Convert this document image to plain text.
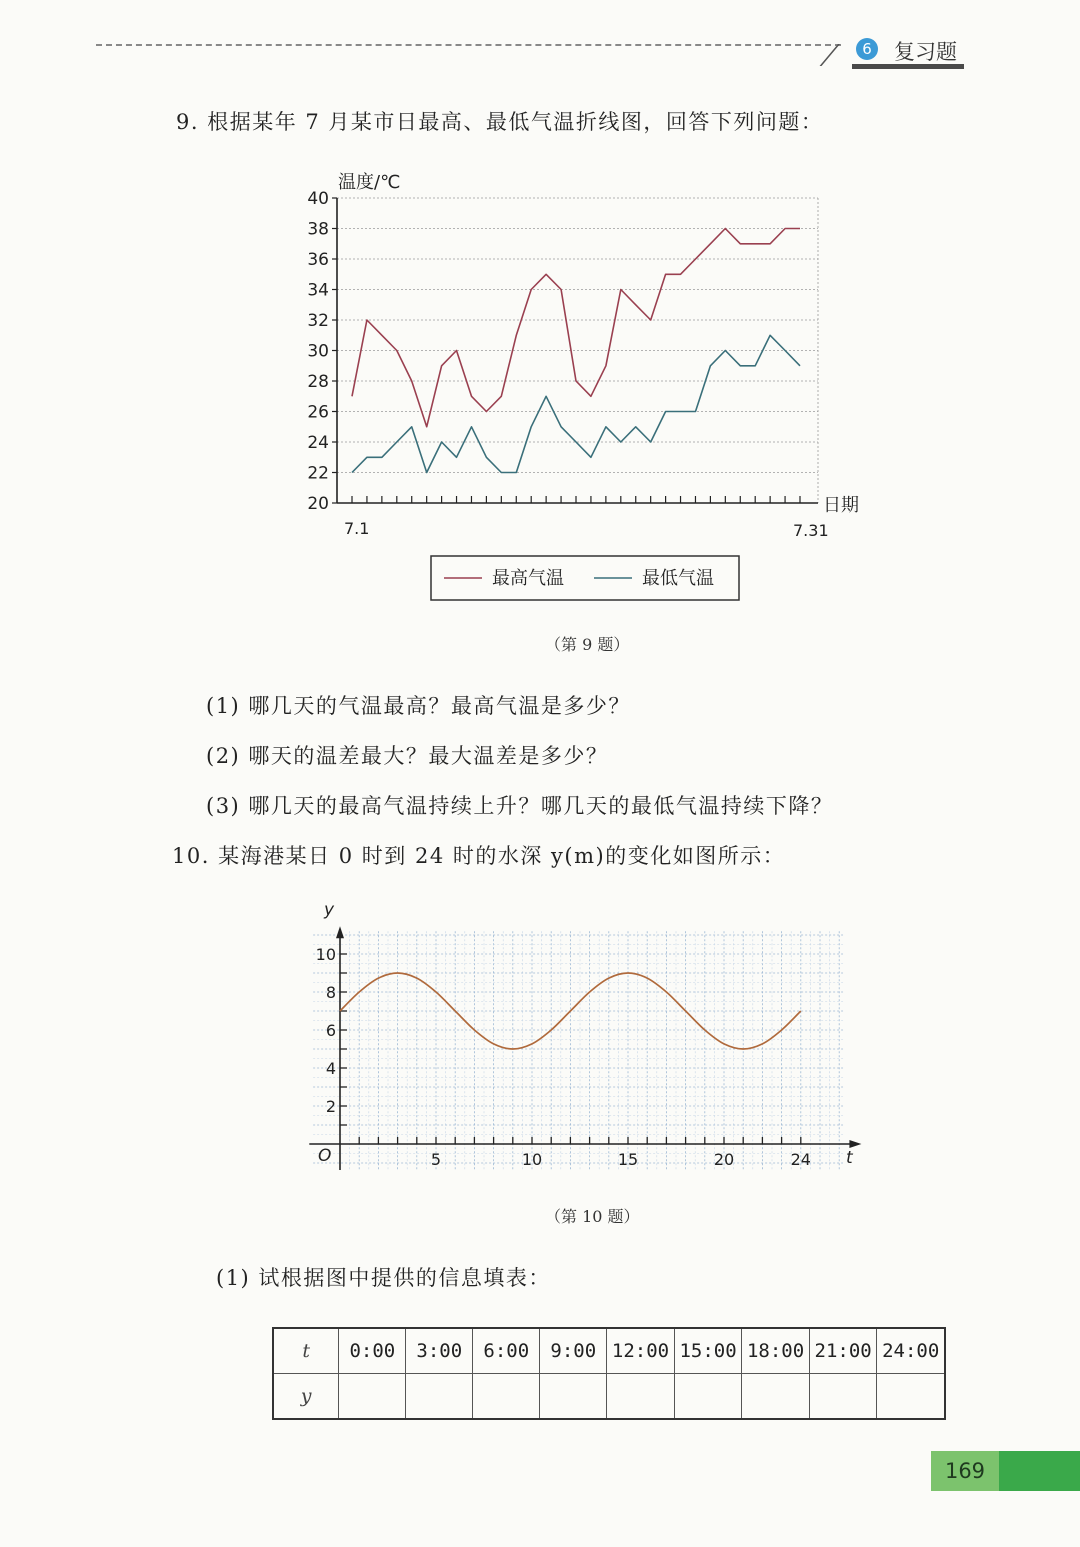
6 复习题
9. 根据某年 7 月某市日最高、最低气温折线图，回答下列问题：
20
22
24
26
28
30
32
34
36
38
40
温度/℃
日期
7.1	7.31
最高气温	最低气温
（第 9 题）
(1) 哪几天的气温最高？最高气温是多少？
(2) 哪天的温差最大？最大温差是多少？
(3) 哪几天的最高气温持续上升？哪几天的最低气温持续下降？
10. 某海港某日 0 时到 24 时的水深 y(m)的变化如图所示：
5	10	15	20	24
2
4
6
8
10
y
t
O
（第 10 题）
(1) 试根据图中提供的信息填表：
t	0:00	3:00	6:00	9:00	12:00	15:00	18:00	21:00	24:00
y									
169
